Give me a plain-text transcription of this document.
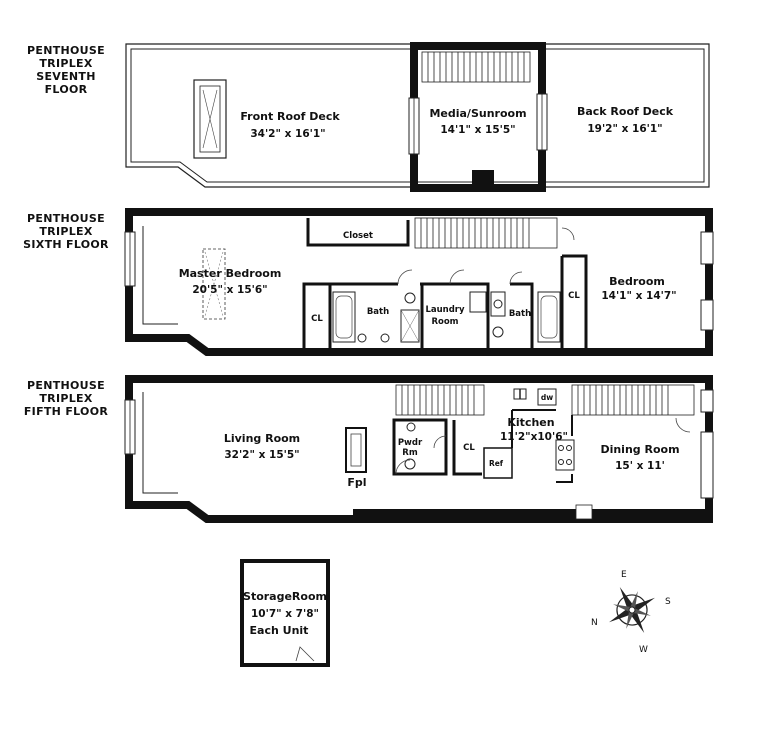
PENTHOUSE
TRIPLEX
SEVENTH FLOOR
PENTHOUSE
TRIPLEX
SIXTH FLOOR
PENTHOUSE
TRIPLEX
FIFTH FLOOR
Front Roof Deck
34'2" x 16'1"
Media/Sunroom
14'1" x 15'5"
Back Roof Deck
19'2" x 16'1"
Closet
Master Bedroom
20'5" x 15'6"
CL
Bath	Laundry
Room
Bath
CL
Bedroom
14'1" x 14'7"
Living Room
32'2" x 15'5"
Fpl
Pwdr
Rm	CL
Ref
dw
Kitchen
11'2"x10'6"
Dining Room
15' x 11'
StorageRoom
10'7" x 7'8"
Each Unit
E
S
N
W
